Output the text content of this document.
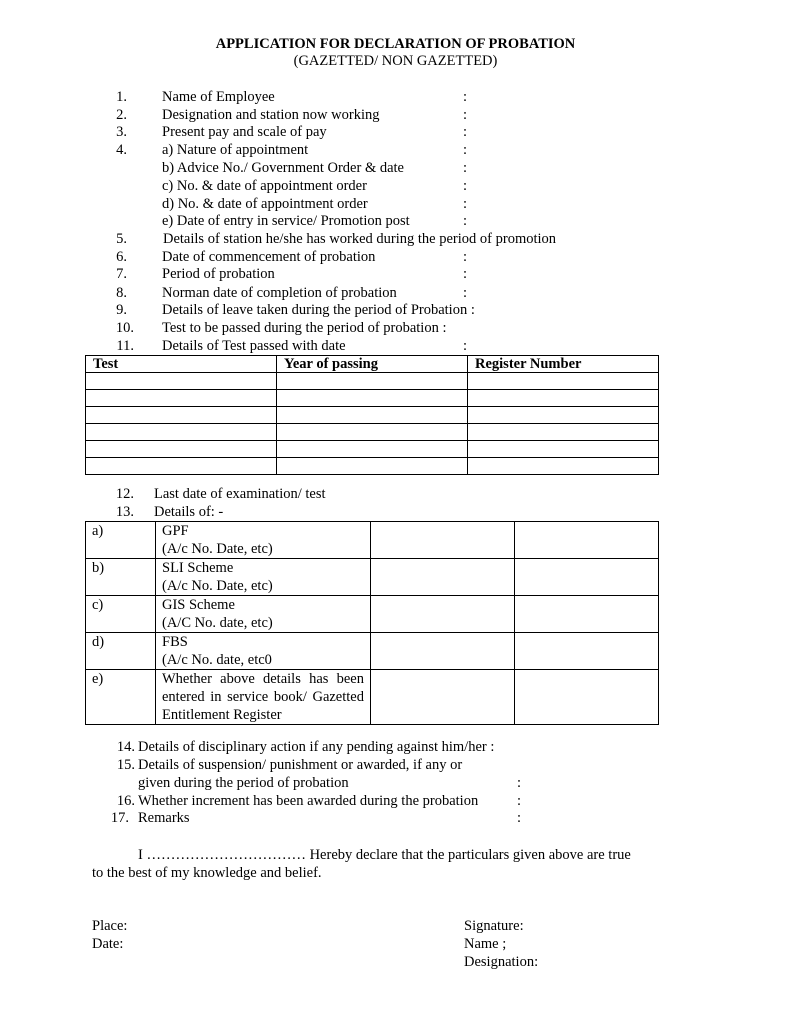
APPLICATION FOR DECLARATION OF PROBATION
(GAZETTED/ NON GAZETTED)
1. Name of Employee	:
2. Designation and station now working	:
3. Present pay and scale of pay	:
4. a) Nature of appointment	:
b) Advice No./ Government Order & date	:
c) No. & date of appointment order	:
d) No. & date of appointment order	:
e) Date of entry in service/ Promotion post	:
5. Details of station he/she has worked during the period of promotion
6. Date of commencement of probation	:
7. Period of probation	:
8. Norman date of completion of probation	:
9. Details of leave taken during the period of Probation :
10. Test to be passed during the period of probation :
11. Details of Test passed with date	:
Test	Year of passing	Register Number

12. Last date of examination/ test
13. Details of: -
a)	GPF
(A/c No. Date, etc)		

b)	SLI Scheme
(A/c No. Date, etc)		

c)	GIS Scheme
(A/C No. date, etc)		

d)	FBS
(A/c No. date, etc0		

e)	Whether above details has been entered in service book/ Gazetted Entitlement Register		
14. Details of disciplinary action if any pending against him/her :
15. Details of suspension/ punishment or awarded, if any or
given during the period of probation	:
16. Whether increment has been awarded during the probation	:
17. Remarks	:
I …………………………… Hereby declare that the particulars given above are true
to the best of my knowledge and belief.
Place:
Date:
Signature:
Name ;
Designation:
